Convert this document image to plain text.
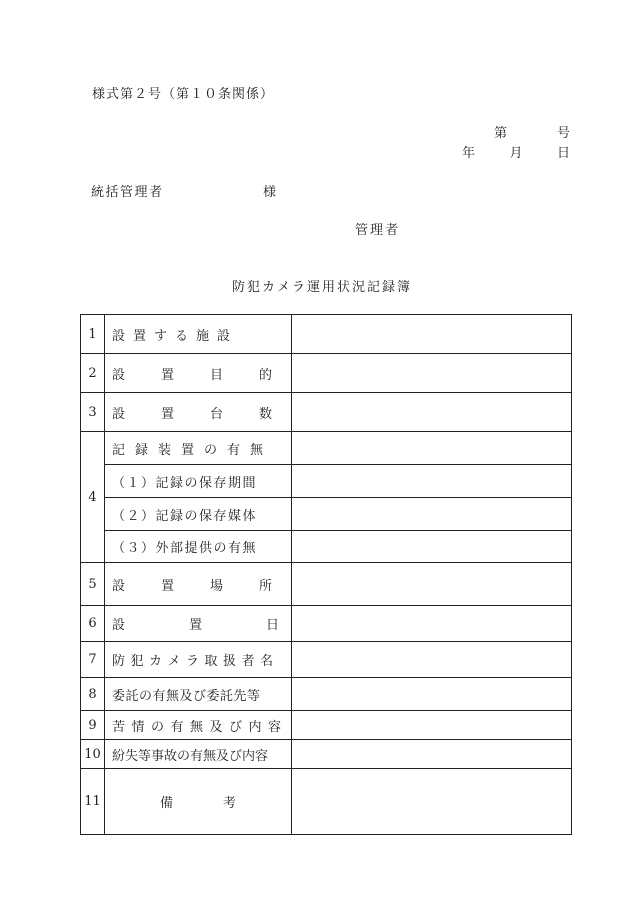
様式第２号（第１０条関係）
第	号
年	月	日
統括管理者	様
管理者
防犯カメラ運用状況記録簿
1	設置する施設	

2	設置目的	

3	設置台数	

4	記録装置の有無	

	（１）記録の保存期間	

	（２）記録の保存媒体	

	（３）外部提供の有無	

5	設置場所	

6	設置日	

7	防犯カメラ取扱者名	

8	委託の有無及び委託先等	

9	苦情の有無及び内容	

10	紛失等事故の有無及び内容	

11	備考	
